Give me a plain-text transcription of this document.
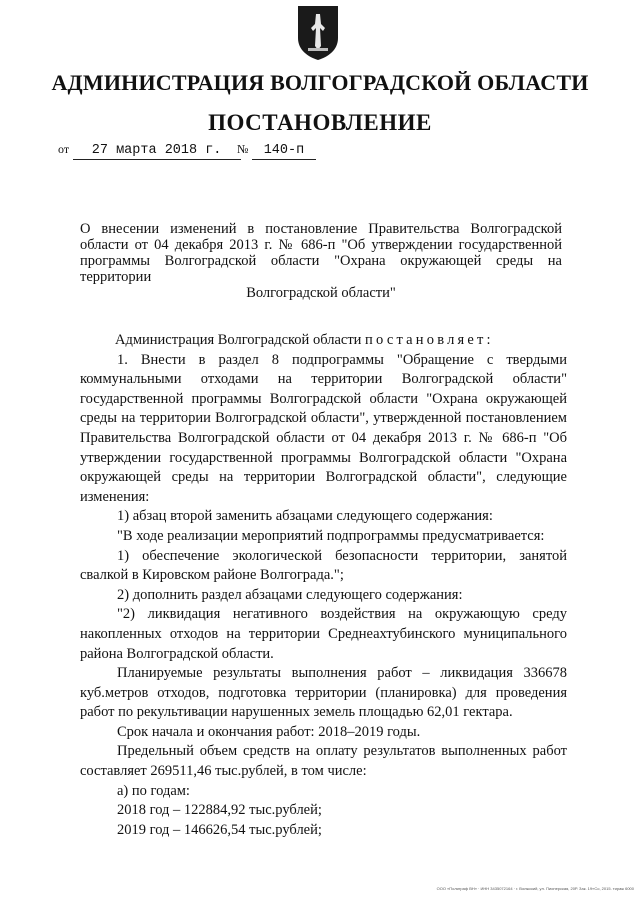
АДМИНИСТРАЦИЯ ВОЛГОГРАДСКОЙ ОБЛАСТИ
ПОСТАНОВЛЕНИЕ
от 27 марта 2018 г.	№ 140-п
О внесении изменений в постановление Правительства Волгоградской области от 04 декабря 2013 г. № 686-п "Об утверждении государственной программы Волгоградской области "Охрана окружающей среды на территории
Волгоградской области"

Администрация Волгоградской области постановляет:

1. Внести в раздел 8 подпрограммы "Обращение с твердыми коммунальными отходами на территории Волгоградской области" государственной программы Волгоградской области "Охрана окружающей среды на территории Волгоградской области", утвержденной постановлением Правительства Волгоградской области от 04 декабря 2013 г. № 686-п "Об утверждении государственной программы Волгоградской области "Охрана окружающей среды на территории Волгоградской области", следующие изменения:

1) абзац второй заменить абзацами следующего содержания:

"В ходе реализации мероприятий подпрограммы предусматривается:

1) обеспечение экологической безопасности территории, занятой свалкой в Кировском районе Волгограда.";

2) дополнить раздел абзацами следующего содержания:

"2) ликвидация негативного воздействия на окружающую среду накопленных отходов на территории Среднеахтубинского муниципального района Волгоградской области.

Планируемые результаты выполнения работ – ликвидация 336678 куб.метров отходов, подготовка территории (планировка) для проведения работ по рекультивации нарушенных земель площадью 62,01 гектара.

Срок начала и окончания работ: 2018–2019 годы.

Предельный объем средств на оплату результатов выполненных работ составляет 269511,46 тыс.рублей, в том числе:

а) по годам:

2018 год – 122884,92 тыс.рублей;

2019 год – 146626,54 тыс.рублей;

ООО «Полиграф ВН» · ИНН 3435072164 · г. Волжский, ул. Пионерская, 20Р. Зак. 19«Со, 2015. тираж 6000
